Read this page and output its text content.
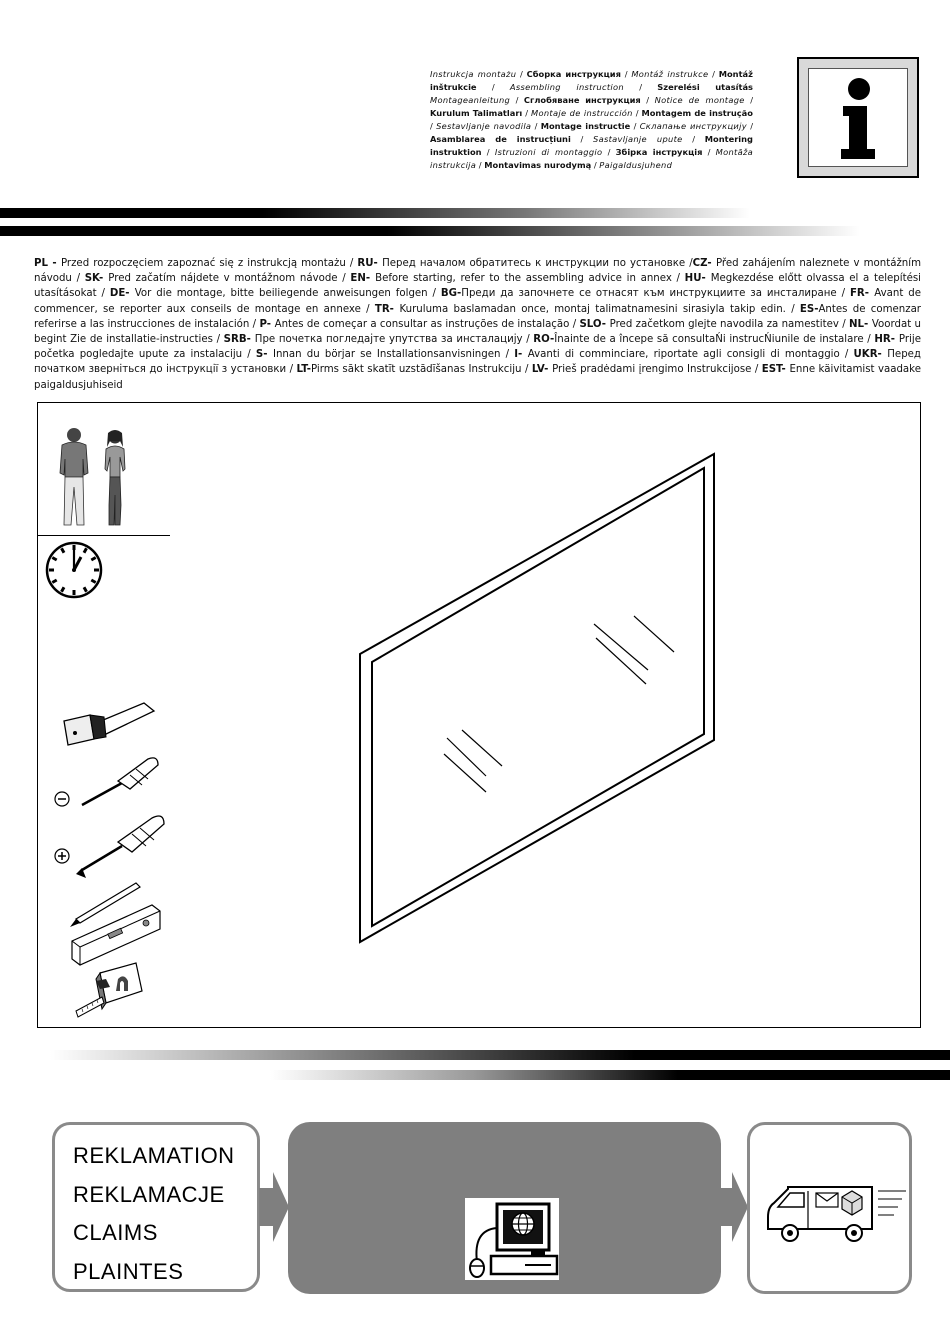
Instrukcja montażu / Сборка инструкция / Montáž instrukce / Montáž inštrukcie / Assembling instruction / Szerelési utasítás Montageanleitung / Сглобяване инструкция / Notice de montage / Kurulum Talimatları / Montaje de instrucción / Montagem de instrução / Sestavljanje navodila / Montage instructie / Склапање инструкцију / Asamblarea de instrucțiuni / Sastavljanje upute / Montering instruktion / Istruzioni di montaggio / Збірка інструкція / Montāža instrukcija / Montavimas nurodymą / Paigaldusjuhend
PL - Przed rozpoczęciem zapoznać się z instrukcją montażu / RU- Перед началом обратитесь к инструкции по установке /CZ- Před zahájením naleznete v montážním návodu / SK- Pred začatím nájdete v montážnom návode / EN- Before starting, refer to the assembling advice in annex / HU- Megkezdése előtt olvassa el a telepítési utasításokat / DE- Vor die montage, bitte beiliegende anweisungen folgen / BG-Преди да започнете се отнасят към инструкциите за инсталиране / FR- Avant de commencer, se reporter aux conseils de montage en annexe / TR- Kuruluma baslamadan once, montaj talimatnamesini sirasiyla takip edin. / ES-Antes de comenzar referirse a las instrucciones de instalación / P- Antes de começar a consultar as instruções de instalação / SLO- Pred začetkom glejte navodila za namestitev / NL- Voordat u begint Zie de installatie-instructies / SRB- Пре почетка погледајте упутства за инсталацију / RO-Înainte de a începe să consultaŃi instrucŃiunile de instalare / HR- Prije početka pogledajte upute za instalaciju / S- Innan du börjar se Installationsanvisningen / I- Avanti di comminciare, riportate agli consigli di montaggio / UKR- Перед початком зверніться до інструкції з установки / LT-Pirms sākt skatīt uzstādīšanas Instrukciju / LV- Prieš pradėdami įrengimo Instrukcijose / EST- Enne käivitamist vaadake paigaldusjuhiseid
REKLAMATION
REKLAMACJE
CLAIMS
PLAINTES
